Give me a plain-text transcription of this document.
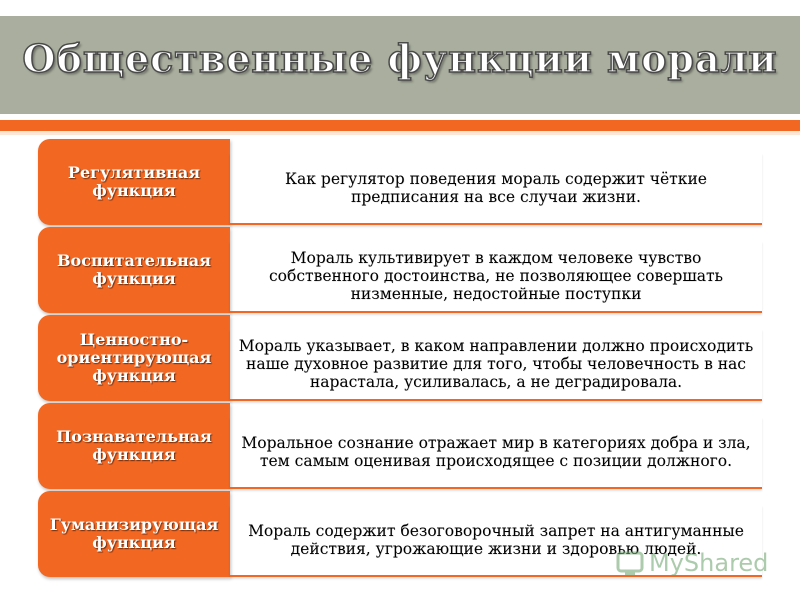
Общественные функции морали
Регулятивная функция
Как регулятор поведения мораль содержит чёткие предписания на все случаи жизни.
Воспитательная функция
Мораль культивирует в каждом человеке чувство собственного достоинства, не позволяющее совершать низменные, недостойные поступки
Ценностно-ориентирующая функция
Мораль указывает, в каком направлении должно происходить наше духовное развитие для того, чтобы человечность в нас нарастала, усиливалась, а не деградировала.
Познавательная функция
Моральное сознание отражает мир в категориях добра и зла, тем самым оценивая происходящее с позиции должного.
Гуманизирующая функция
Мораль содержит безоговорочный запрет на антигуманные действия, угрожающие жизни и здоровью людей.
MyShared
